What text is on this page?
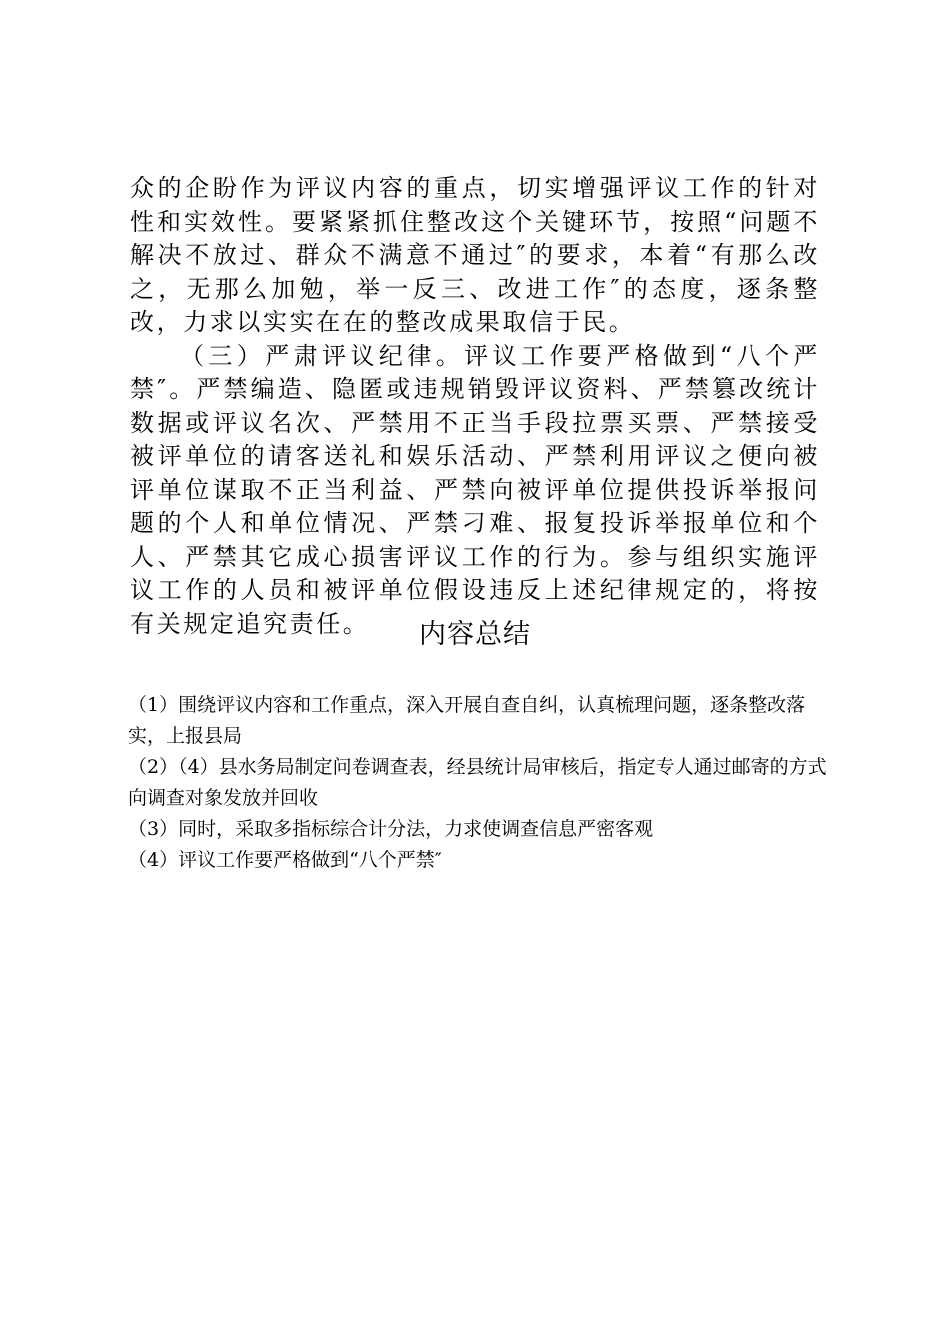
众的企盼作为评议内容的重点，切实增强评议工作的针对性和实效性。要紧紧抓住整改这个关键环节，按照“问题不解决不放过、群众不满意不通过″的要求，本着“有那么改之，无那么加勉，举一反三、改进工作″的态度，逐条整改，力求以实实在在的整改成果取信于民。

（三）严肃评议纪律。评议工作要严格做到“八个严禁″。严禁编造、隐匿或违规销毁评议资料、严禁篡改统计数据或评议名次、严禁用不正当手段拉票买票、严禁接受被评单位的请客送礼和娱乐活动、严禁利用评议之便向被评单位谋取不正当利益、严禁向被评单位提供投诉举报问题的个人和单位情况、严禁刁难、报复投诉举报单位和个人、严禁其它成心损害评议工作的行为。参与组织实施评议工作的人员和被评单位假设违反上述纪律规定的，将按有关规定追究责任。	内容总结
（1）围绕评议内容和工作重点，深入开展自查自纠，认真梳理问题，逐条整改落实，上报县局
（2）（4）县水务局制定问卷调查表，经县统计局审核后，指定专人通过邮寄的方式向调查对象发放并回收
（3）同时，采取多指标综合计分法，力求使调查信息严密客观
（4）评议工作要严格做到“八个严禁″
